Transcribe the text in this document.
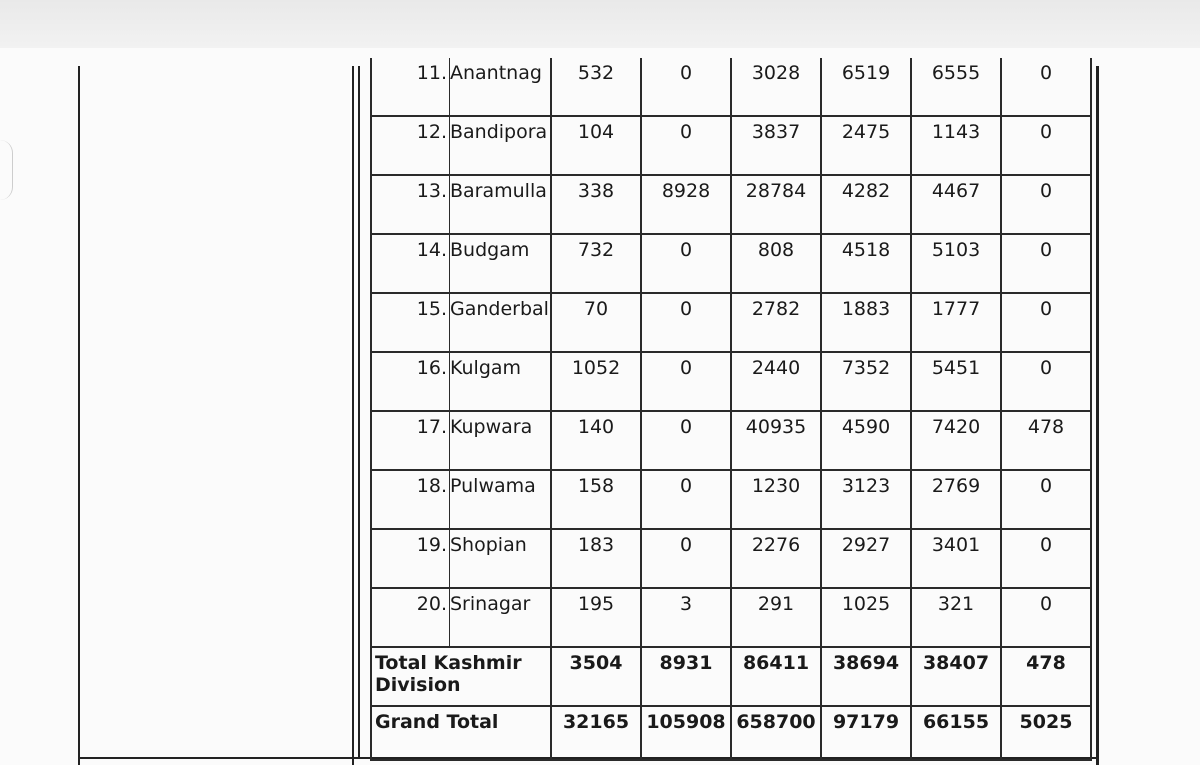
11.	Anantnag	532	0	3028	6519	6555	0
12.	Bandipora	104	0	3837	2475	1143	0
13.	Baramulla	338	8928	28784	4282	4467	0
14.	Budgam	732	0	808	4518	5103	0
15.	Ganderbal	70	0	2782	1883	1777	0
16.	Kulgam	1052	0	2440	7352	5451	0
17.	Kupwara	140	0	40935	4590	7420	478
18.	Pulwama	158	0	1230	3123	2769	0
19.	Shopian	183	0	2276	2927	3401	0
20.	Srinagar	195	3	291	1025	321	0
Total Kashmir Division		3504	8931	86411	38694	38407	478
Grand Total		32165	105908	658700	97179	66155	5025
